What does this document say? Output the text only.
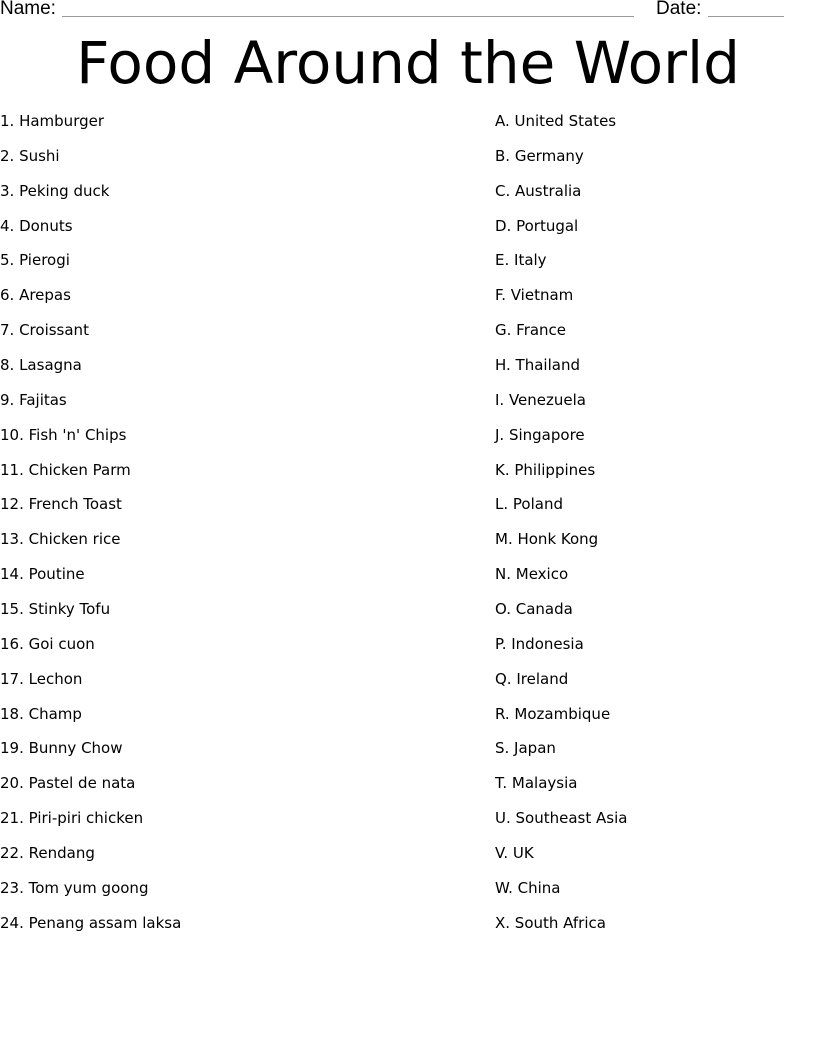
Name:	Date:
Food Around the World
1. Hamburger
2. Sushi
3. Peking duck
4. Donuts
5. Pierogi
6. Arepas
7. Croissant
8. Lasagna
9. Fajitas
10. Fish 'n' Chips
11. Chicken Parm
12. French Toast
13. Chicken rice
14. Poutine
15. Stinky Tofu
16. Goi cuon
17. Lechon
18. Champ
19. Bunny Chow
20. Pastel de nata
21. Piri-piri chicken
22. Rendang
23. Tom yum goong
24. Penang assam laksa
A. United States
B. Germany
C. Australia
D. Portugal
E. Italy
F. Vietnam
G. France
H. Thailand
I. Venezuela
J. Singapore
K. Philippines
L. Poland
M. Honk Kong
N. Mexico
O. Canada
P. Indonesia
Q. Ireland
R. Mozambique
S. Japan
T. Malaysia
U. Southeast Asia
V. UK
W. China
X. South Africa
